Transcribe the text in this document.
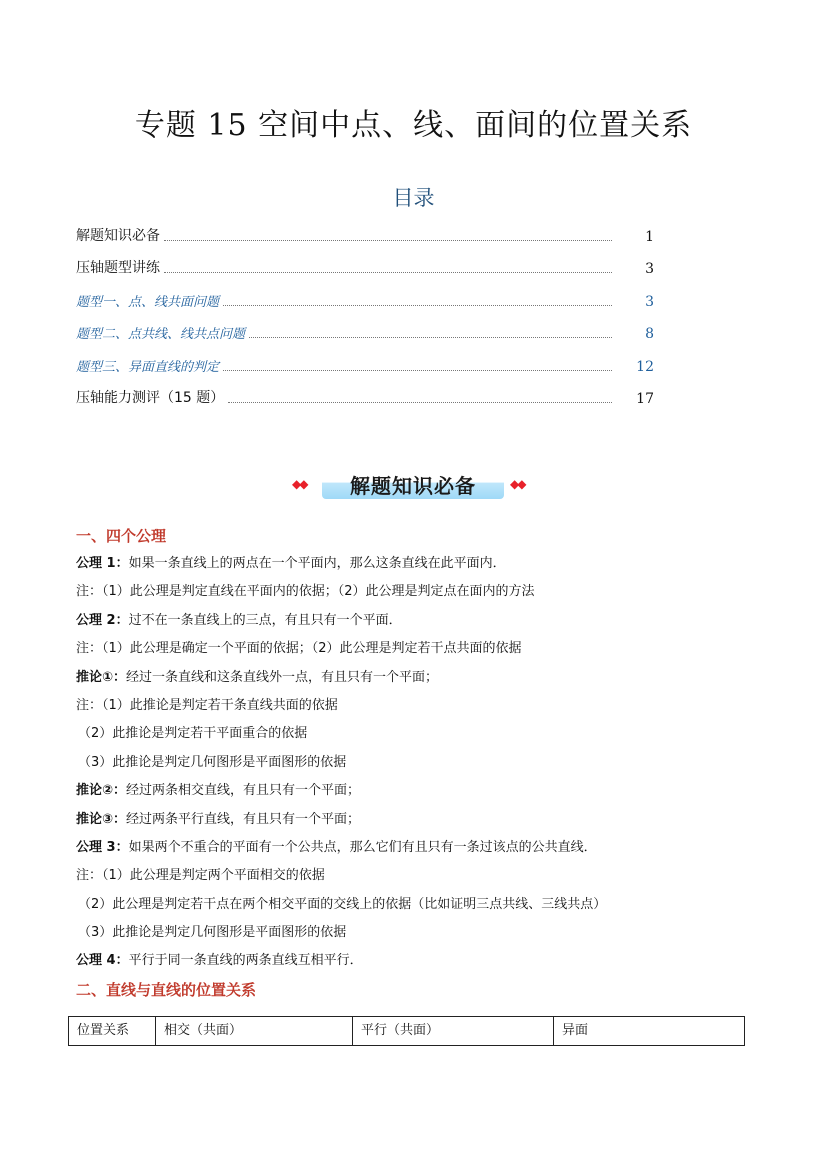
专题 15 空间中点、线、面间的位置关系
目录
解题知识必备	1
压轴题型讲练	3
题型一、点、线共面问题	3
题型二、点共线、线共点问题	8
题型三、异面直线的判定	12
压轴能力测评（15 题）	17
◆◆	解题知识必备	◆◆
一、四个公理
公理 1：如果一条直线上的两点在一个平面内，那么这条直线在此平面内．
注：（1）此公理是判定直线在平面内的依据；（2）此公理是判定点在面内的方法
公理 2：过不在一条直线上的三点，有且只有一个平面．
注：（1）此公理是确定一个平面的依据；（2）此公理是判定若干点共面的依据
推论①：经过一条直线和这条直线外一点，有且只有一个平面；
注：（1）此推论是判定若干条直线共面的依据
（2）此推论是判定若干平面重合的依据
（3）此推论是判定几何图形是平面图形的依据
推论②：经过两条相交直线，有且只有一个平面；
推论③：经过两条平行直线，有且只有一个平面；
公理 3：如果两个不重合的平面有一个公共点，那么它们有且只有一条过该点的公共直线．
注：（1）此公理是判定两个平面相交的依据
（2）此公理是判定若干点在两个相交平面的交线上的依据（比如证明三点共线、三线共点）
（3）此推论是判定几何图形是平面图形的依据
公理 4：平行于同一条直线的两条直线互相平行．
二、直线与直线的位置关系
位置关系	相交（共面）	平行（共面）	异面
